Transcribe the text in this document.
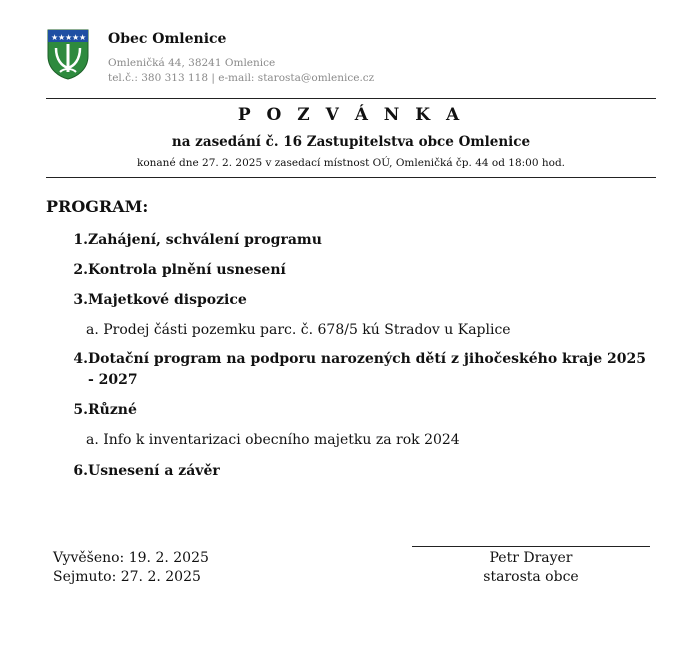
★ ★ ★ ★ ★ Obec Omlenice
Omleničká 44, 38241 Omlenice
tel.č.: 380 313 118 | e-mail: starosta@omlenice.cz
P O Z V Á N K A
na zasedání č. 16 Zastupitelstva obce Omlenice
konané dne 27. 2. 2025 v zasedací místnost OÚ, Omleničká čp. 44 od 18:00 hod.
PROGRAM:
1. Zahájení, schválení programu
2. Kontrola plnění usnesení
3. Majetkové dispozice
a. Prodej části pozemku parc. č. 678/5 kú Stradov u Kaplice
4. Dotační program na podporu narozených dětí z jihočeského kraje 2025 - 2027
5. Různé
a. Info k inventarizaci obecního majetku za rok 2024
6. Usnesení a závěr
Vyvěšeno: 19. 2. 2025
Sejmuto: 27. 2. 2025
Petr Drayer
starosta obce
